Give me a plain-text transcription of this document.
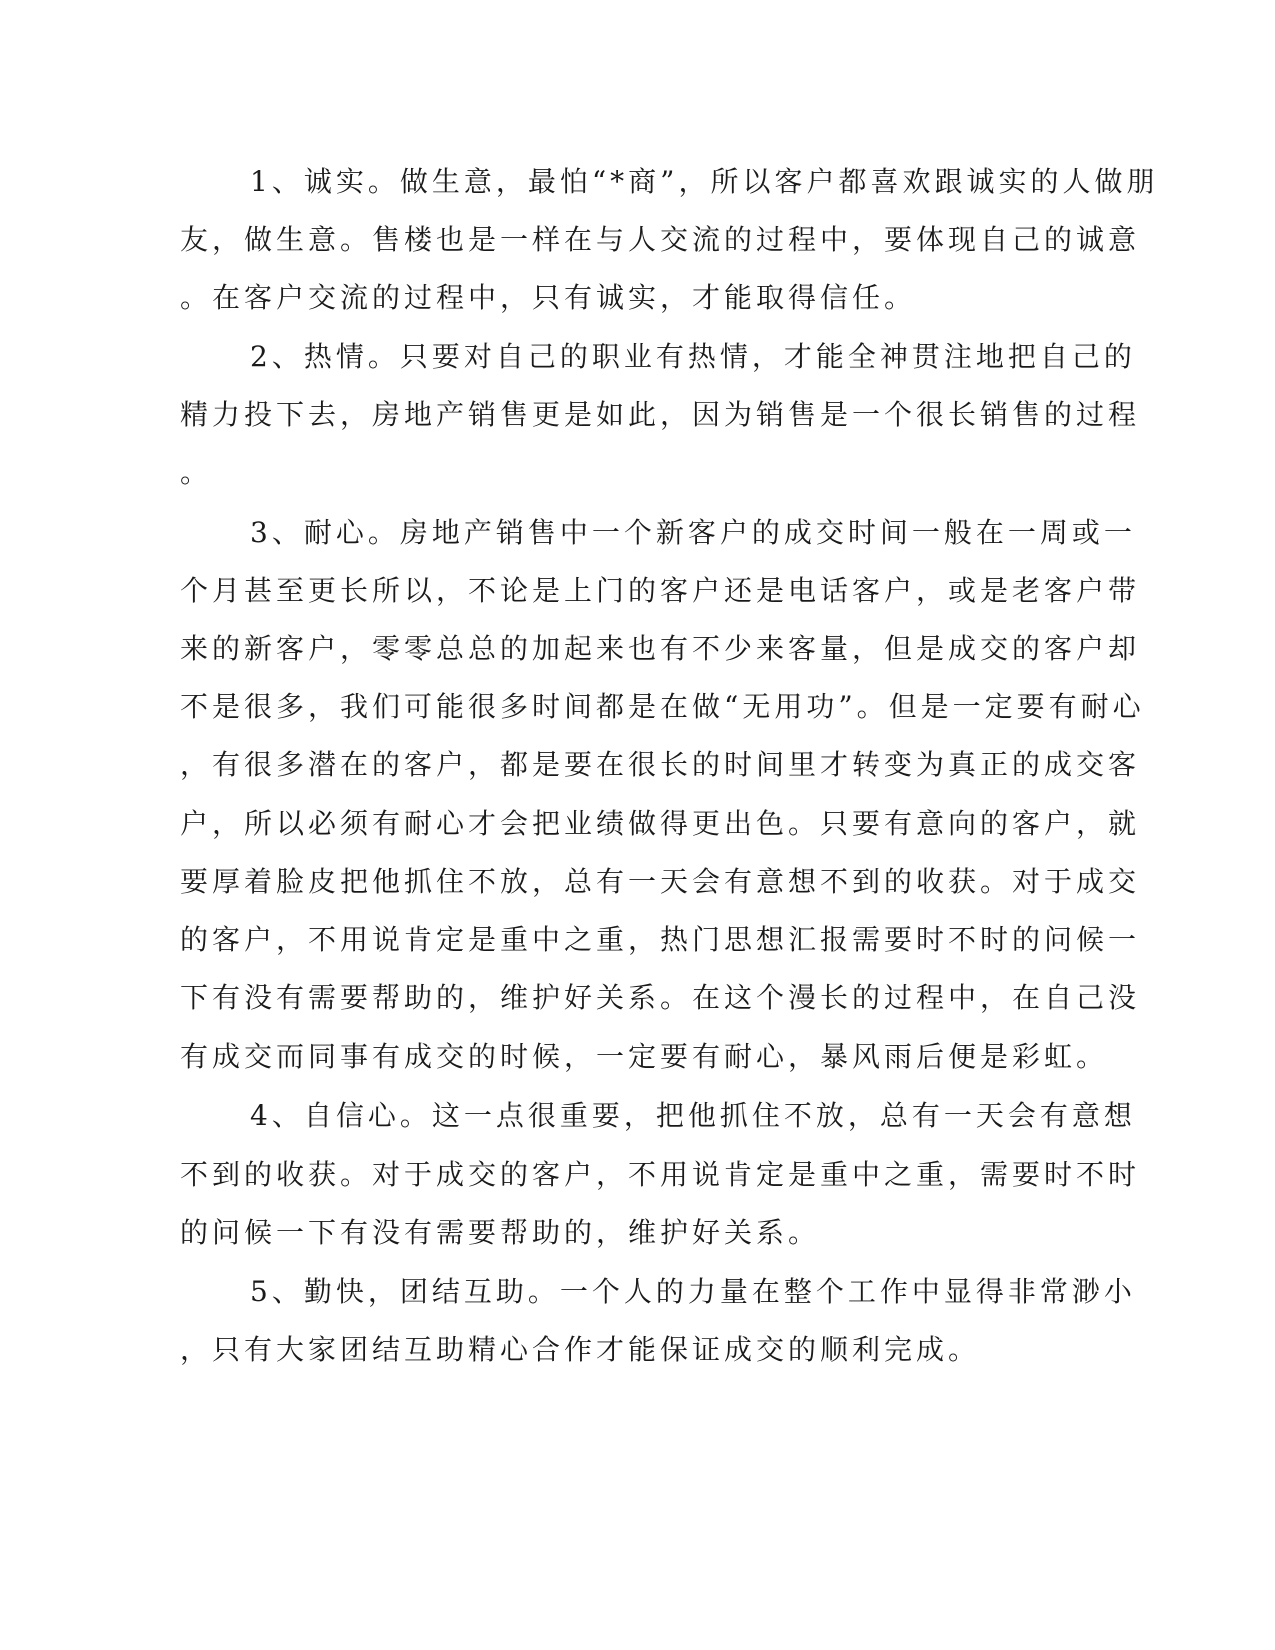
1、诚实。做生意，最怕“*商”，所以客户都喜欢跟诚实的人做朋
友，做生意。售楼也是一样在与人交流的过程中，要体现自己的诚意
。在客户交流的过程中，只有诚实，才能取得信任。
2、热情。只要对自己的职业有热情，才能全神贯注地把自己的
精力投下去，房地产销售更是如此，因为销售是一个很长销售的过程
。
3、耐心。房地产销售中一个新客户的成交时间一般在一周或一
个月甚至更长所以，不论是上门的客户还是电话客户，或是老客户带
来的新客户，零零总总的加起来也有不少来客量，但是成交的客户却
不是很多，我们可能很多时间都是在做“无用功”。但是一定要有耐心
，有很多潜在的客户，都是要在很长的时间里才转变为真正的成交客
户，所以必须有耐心才会把业绩做得更出色。只要有意向的客户，就
要厚着脸皮把他抓住不放，总有一天会有意想不到的收获。对于成交
的客户，不用说肯定是重中之重，热门思想汇报需要时不时的问候一
下有没有需要帮助的，维护好关系。在这个漫长的过程中，在自己没
有成交而同事有成交的时候，一定要有耐心，暴风雨后便是彩虹。
4、自信心。这一点很重要，把他抓住不放，总有一天会有意想
不到的收获。对于成交的客户，不用说肯定是重中之重，需要时不时
的问候一下有没有需要帮助的，维护好关系。
5、勤快，团结互助。一个人的力量在整个工作中显得非常渺小
，只有大家团结互助精心合作才能保证成交的顺利完成。
